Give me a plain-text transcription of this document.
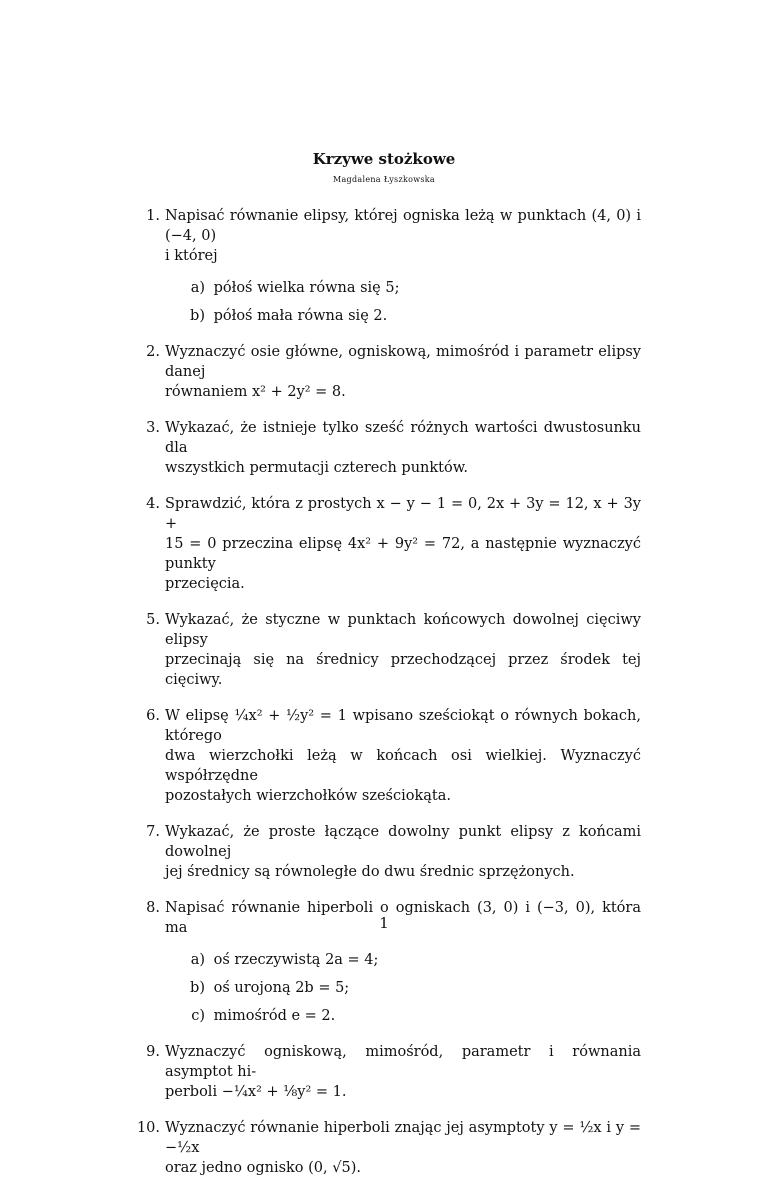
Krzywe stożkowe
Magdalena Łyszkowska
1. Napisać równanie elipsy, której ogniska leżą w punktach (4, 0) i (−4, 0)
i której
a) półoś wielka równa się 5;
b) półoś mała równa się 2.
2. Wyznaczyć osie główne, ogniskową, mimośród i parametr elipsy danej
równaniem x² + 2y² = 8.
3. Wykazać, że istnieje tylko sześć różnych wartości dwustosunku dla
wszystkich permutacji czterech punktów.
4. Sprawdzić, która z prostych x − y − 1 = 0, 2x + 3y = 12, x + 3y +
15 = 0 przeczina elipsę 4x² + 9y² = 72, a następnie wyznaczyć punkty
przecięcia.
5. Wykazać, że styczne w punktach końcowych dowolnej cięciwy elipsy
przecinają się na średnicy przechodzącej przez środek tej cięciwy.
6. W elipsę ¼x² + ½y² = 1 wpisano sześciokąt o równych bokach, którego
dwa wierzchołki leżą w końcach osi wielkiej. Wyznaczyć współrzędne
pozostałych wierzchołków sześciokąta.
7. Wykazać, że proste łączące dowolny punkt elipsy z końcami dowolnej
jej średnicy są równoległe do dwu średnic sprzężonych.
8. Napisać równanie hiperboli o ogniskach (3, 0) i (−3, 0), która ma
a) oś rzeczywistą 2a = 4;
b) oś urojoną 2b = 5;
c) mimośród e = 2.
9. Wyznaczyć ogniskową, mimośród, parametr i równania asymptot hi-
perboli −¼x² + ⅛y² = 1.
10. Wyznaczyć równanie hiperboli znając jej asymptoty y = ½x i y = −½x
oraz jedno ognisko (0, √5).
1
